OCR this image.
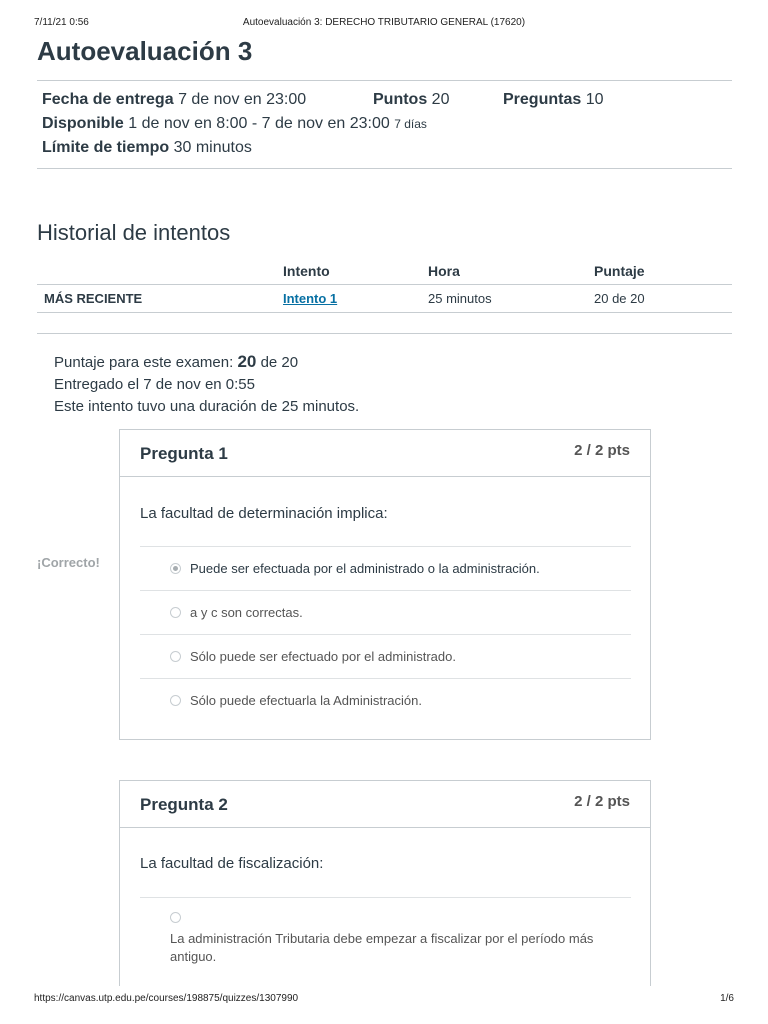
7/11/21 0:56	Autoevaluación 3: DERECHO TRIBUTARIO GENERAL (17620)
Autoevaluación 3
Fecha de entrega 7 de nov en 23:00	Puntos 20	Preguntas 10
Disponible 1 de nov en 8:00 - 7 de nov en 23:00 7 días
Límite de tiempo 30 minutos
Historial de intentos
	Intento	Hora	Puntaje
MÁS RECIENTE	Intento 1	25 minutos	20 de 20
Puntaje para este examen: 20 de 20
Entregado el 7 de nov en 0:55
Este intento tuvo una duración de 25 minutos.
¡Correcto!
Pregunta 1	2 / 2 pts
La facultad de determinación implica:
Puede ser efectuada por el administrado o la administración.
a y c son correctas.
Sólo puede ser efectuado por el administrado.
Sólo puede efectuarla la Administración.
Pregunta 2	2 / 2 pts
La facultad de fiscalización:
La administración Tributaria debe empezar a fiscalizar por el período más antiguo.
https://canvas.utp.edu.pe/courses/198875/quizzes/1307990	1/6
